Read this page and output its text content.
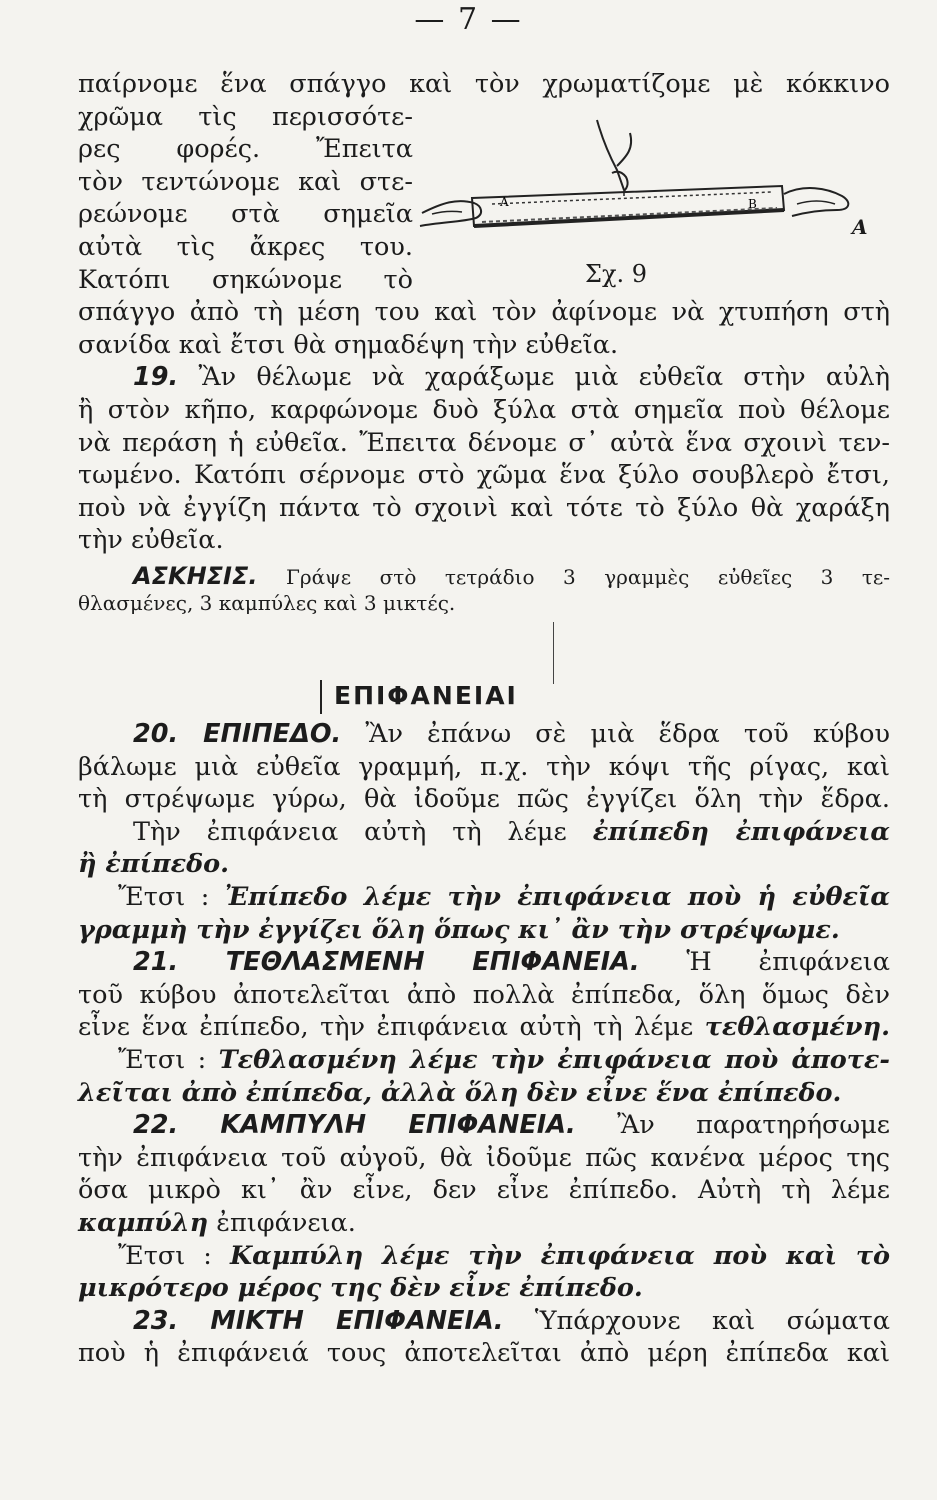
— 7 —
A	B
A
Σχ. 9
παίρνομε ἕνα σπάγγο καὶ τὸν χρωματίζομε μὲ κόκκινο
χρῶμα τὶς περισσότε-
ρες φορές. Ἔπειτα
τὸν τεντώνομε καὶ στε-
ρεώνομε στὰ σημεῖα
αὐτὰ τὶς ἄκρες του.
Κατόπι σηκώνομε τὸ
σπάγγο ἀπὸ τὴ μέση του καὶ τὸν ἀφίνομε νὰ χτυπήση στὴ
σανίδα καὶ ἔτσι θὰ σημαδέψη τὴν εὐθεῖα.
19. Ἂν θέλωμε νὰ χαράξωμε μιὰ εὐθεῖα στὴν αὐλὴ
ἢ στὸν κῆπο, καρφώνομε δυὸ ξύλα στὰ σημεῖα ποὺ θέλομε
νὰ περάση ἡ εὐθεῖα. Ἔπειτα δένομε σ᾽ αὐτὰ ἕνα σχοινὶ τεν-
τωμένο. Κατόπι σέρνομε στὸ χῶμα ἕνα ξύλο σουβλερὸ ἔτσι,
ποὺ νὰ ἐγγίζη πάντα τὸ σχοινὶ καὶ τότε τὸ ξύλο θὰ χαράξη
τὴν εὐθεῖα.
ΑΣΚΗΣΙΣ. Γράψε στὸ τετράδιο 3 γραμμὲς εὐθεῖες 3 τε-
θλασμένες, 3 καμπύλες καὶ 3 μικτές.
ΕΠΙΦΑΝΕΙΑΙ
20. ΕΠΙΠΕΔΟ. Ἂν ἐπάνω σὲ μιὰ ἕδρα τοῦ κύβου
βάλωμε μιὰ εὐθεῖα γραμμή, π.χ. τὴν κόψι τῆς ρίγας, καὶ
τὴ στρέψωμε γύρω, θὰ ἰδοῦμε πῶς ἐγγίζει ὅλη τὴν ἕδρα.
Τὴν ἐπιφάνεια αὐτὴ τὴ λέμε ἐπίπεδη ἐπιφάνεια
ἢ ἐπίπεδο.
Ἔτσι : Ἐπίπεδο λέμε τὴν ἐπιφάνεια ποὺ ἡ εὐθεῖα
γραμμὴ τὴν ἐγγίζει ὅλη ὅπως κι᾽ ἂν τὴν στρέψωμε.
21. ΤΕΘΛΑΣΜΕΝΗ ΕΠΙΦΑΝΕΙΑ. Ἡ ἐπιφάνεια
τοῦ κύβου ἀποτελεῖται ἀπὸ πολλὰ ἐπίπεδα, ὅλη ὅμως δὲν
εἶνε ἕνα ἐπίπεδο, τὴν ἐπιφάνεια αὐτὴ τὴ λέμε τεθλασμένη.
Ἔτσι : Τεθλασμένη λέμε τὴν ἐπιφάνεια ποὺ ἀποτε-
λεῖται ἀπὸ ἐπίπεδα, ἀλλὰ ὅλη δὲν εἶνε ἕνα ἐπίπεδο.
22. ΚΑΜΠΥΛΗ ΕΠΙΦΑΝΕΙΑ. Ἂν παρατηρήσωμε
τὴν ἐπιφάνεια τοῦ αὐγοῦ, θὰ ἰδοῦμε πῶς κανένα μέρος της
ὅσα μικρὸ κι᾽ ἂν εἶνε, δεν εἶνε ἐπίπεδο. Αὐτὴ τὴ λέμε
καμπύλη ἐπιφάνεια.
Ἔτσι : Καμπύλη λέμε τὴν ἐπιφάνεια ποὺ καὶ τὸ
μικρότερο μέρος της δὲν εἶνε ἐπίπεδο.
23. ΜΙΚΤΗ ΕΠΙΦΑΝΕΙΑ. Ὑπάρχουνε καὶ σώματα
ποὺ ἡ ἐπιφάνειά τους ἀποτελεῖται ἀπὸ μέρη ἐπίπεδα καὶ
